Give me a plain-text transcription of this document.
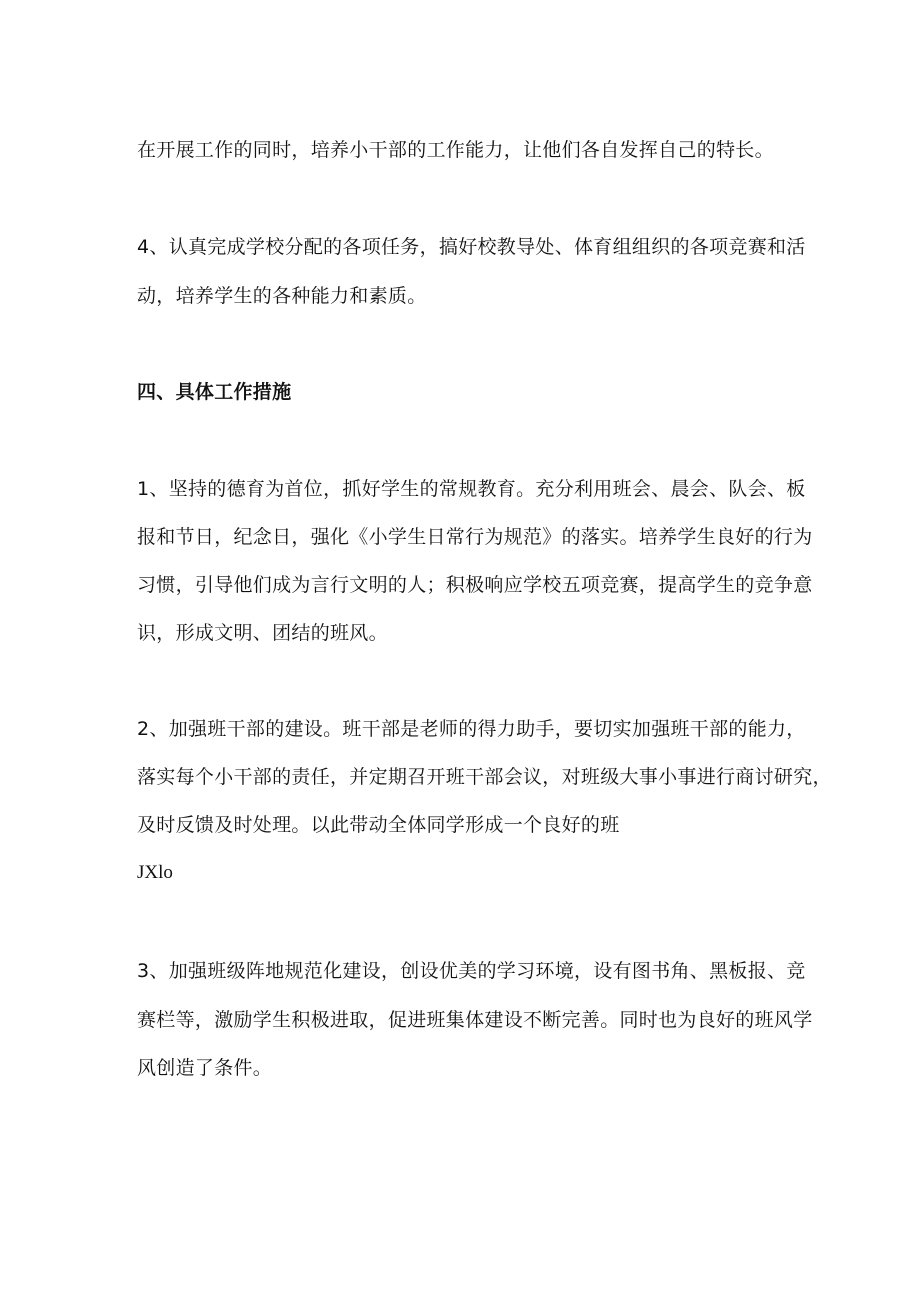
在开展工作的同时，培养小干部的工作能力，让他们各自发挥自己的特长。
4、认真完成学校分配的各项任务，搞好校教导处、体育组组织的各项竞赛和活
动，培养学生的各种能力和素质。
四、具体工作措施
1、坚持的德育为首位，抓好学生的常规教育。充分利用班会、晨会、队会、板
报和节日，纪念日，强化《小学生日常行为规范》的落实。培养学生良好的行为
习惯，引导他们成为言行文明的人；积极响应学校五项竞赛，提高学生的竞争意
识，形成文明、团结的班风。
2、加强班干部的建设。班干部是老师的得力助手，要切实加强班干部的能力，
落实每个小干部的责任，并定期召开班干部会议，对班级大事小事进行商讨研究，
及时反馈及时处理。以此带动全体同学形成一个良好的班
JXlo
3、加强班级阵地规范化建设，创设优美的学习环境，设有图书角、黑板报、竞
赛栏等，激励学生积极进取，促进班集体建设不断完善。同时也为良好的班风学
风创造了条件。
